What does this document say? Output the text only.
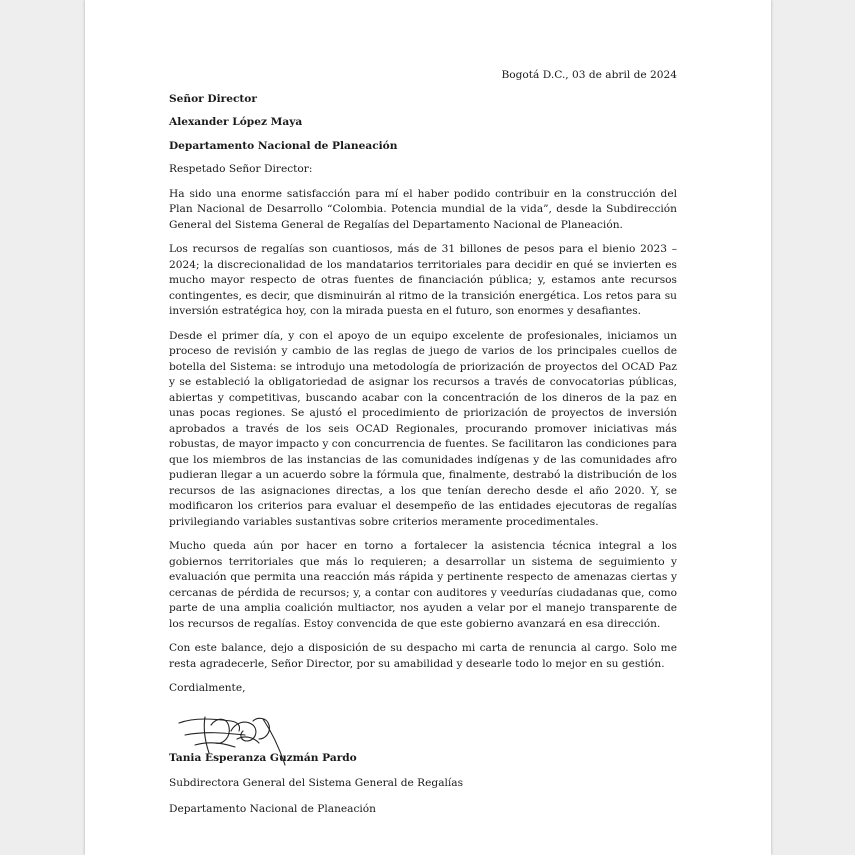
Bogotá D.C., 03 de abril de 2024
Señor Director
Alexander López Maya
Departamento Nacional de Planeación
Respetado Señor Director:

Ha sido una enorme satisfacción para mí el haber podido contribuir en la construcción del Plan Nacional de Desarrollo “Colombia. Potencia mundial de la vida”, desde la Subdirección General del Sistema General de Regalías del Departamento Nacional de Planeación.

Los recursos de regalías son cuantiosos, más de 31 billones de pesos para el bienio 2023 – 2024; la discrecionalidad de los mandatarios territoriales para decidir en qué se invierten es mucho mayor respecto de otras fuentes de financiación pública; y, estamos ante recursos contingentes, es decir, que disminuirán al ritmo de la transición energética. Los retos para su inversión estratégica hoy, con la mirada puesta en el futuro, son enormes y desafiantes.

Desde el primer día, y con el apoyo de un equipo excelente de profesionales, iniciamos un proceso de revisión y cambio de las reglas de juego de varios de los principales cuellos de botella del Sistema: se introdujo una metodología de priorización de proyectos del OCAD Paz y se estableció la obligatoriedad de asignar los recursos a través de convocatorias públicas, abiertas y competitivas, buscando acabar con la concentración de los dineros de la paz en unas pocas regiones. Se ajustó el procedimiento de priorización de proyectos de inversión aprobados a través de los seis OCAD Regionales, procurando promover iniciativas más robustas, de mayor impacto y con concurrencia de fuentes. Se facilitaron las condiciones para que los miembros de las instancias de las comunidades indígenas y de las comunidades afro pudieran llegar a un acuerdo sobre la fórmula que, finalmente, destrabó la distribución de los recursos de las asignaciones directas, a los que tenían derecho desde el año 2020. Y, se modificaron los criterios para evaluar el desempeño de las entidades ejecutoras de regalías privilegiando variables sustantivas sobre criterios meramente procedimentales.

Mucho queda aún por hacer en torno a fortalecer la asistencia técnica integral a los gobiernos territoriales que más lo requieren; a desarrollar un sistema de seguimiento y evaluación que permita una reacción más rápida y pertinente respecto de amenazas ciertas y cercanas de pérdida de recursos; y, a contar con auditores y veedurías ciudadanas que, como parte de una amplia coalición multiactor, nos ayuden a velar por el manejo transparente de los recursos de regalías. Estoy convencida de que este gobierno avanzará en esa dirección.

Con este balance, dejo a disposición de su despacho mi carta de renuncia al cargo. Solo me resta agradecerle, Señor Director, por su amabilidad y desearle todo lo mejor en su gestión.

Cordialmente,
Tania Esperanza Guzmán Pardo
Subdirectora General del Sistema General de Regalías
Departamento Nacional de Planeación
